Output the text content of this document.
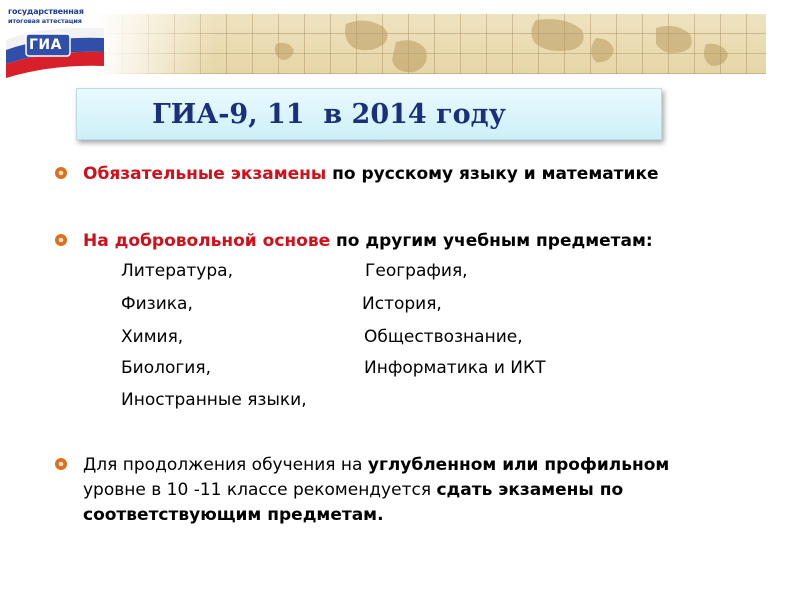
государственная
итоговая аттестация
ГИА
ГИА-9, 11  в 2014 году
Обязательные экзамены по русскому языку и математике
На добровольной основе по другим учебным предметам:
Литература,
Физика,
Химия,
Биология,
Иностранные языки,
География,
История,
Обществознание,
Информатика и ИКТ
Для продолжения обучения на углубленном или профильном уровне в 10 -11 классе рекомендуется сдать экзамены по соответствующим предметам.
